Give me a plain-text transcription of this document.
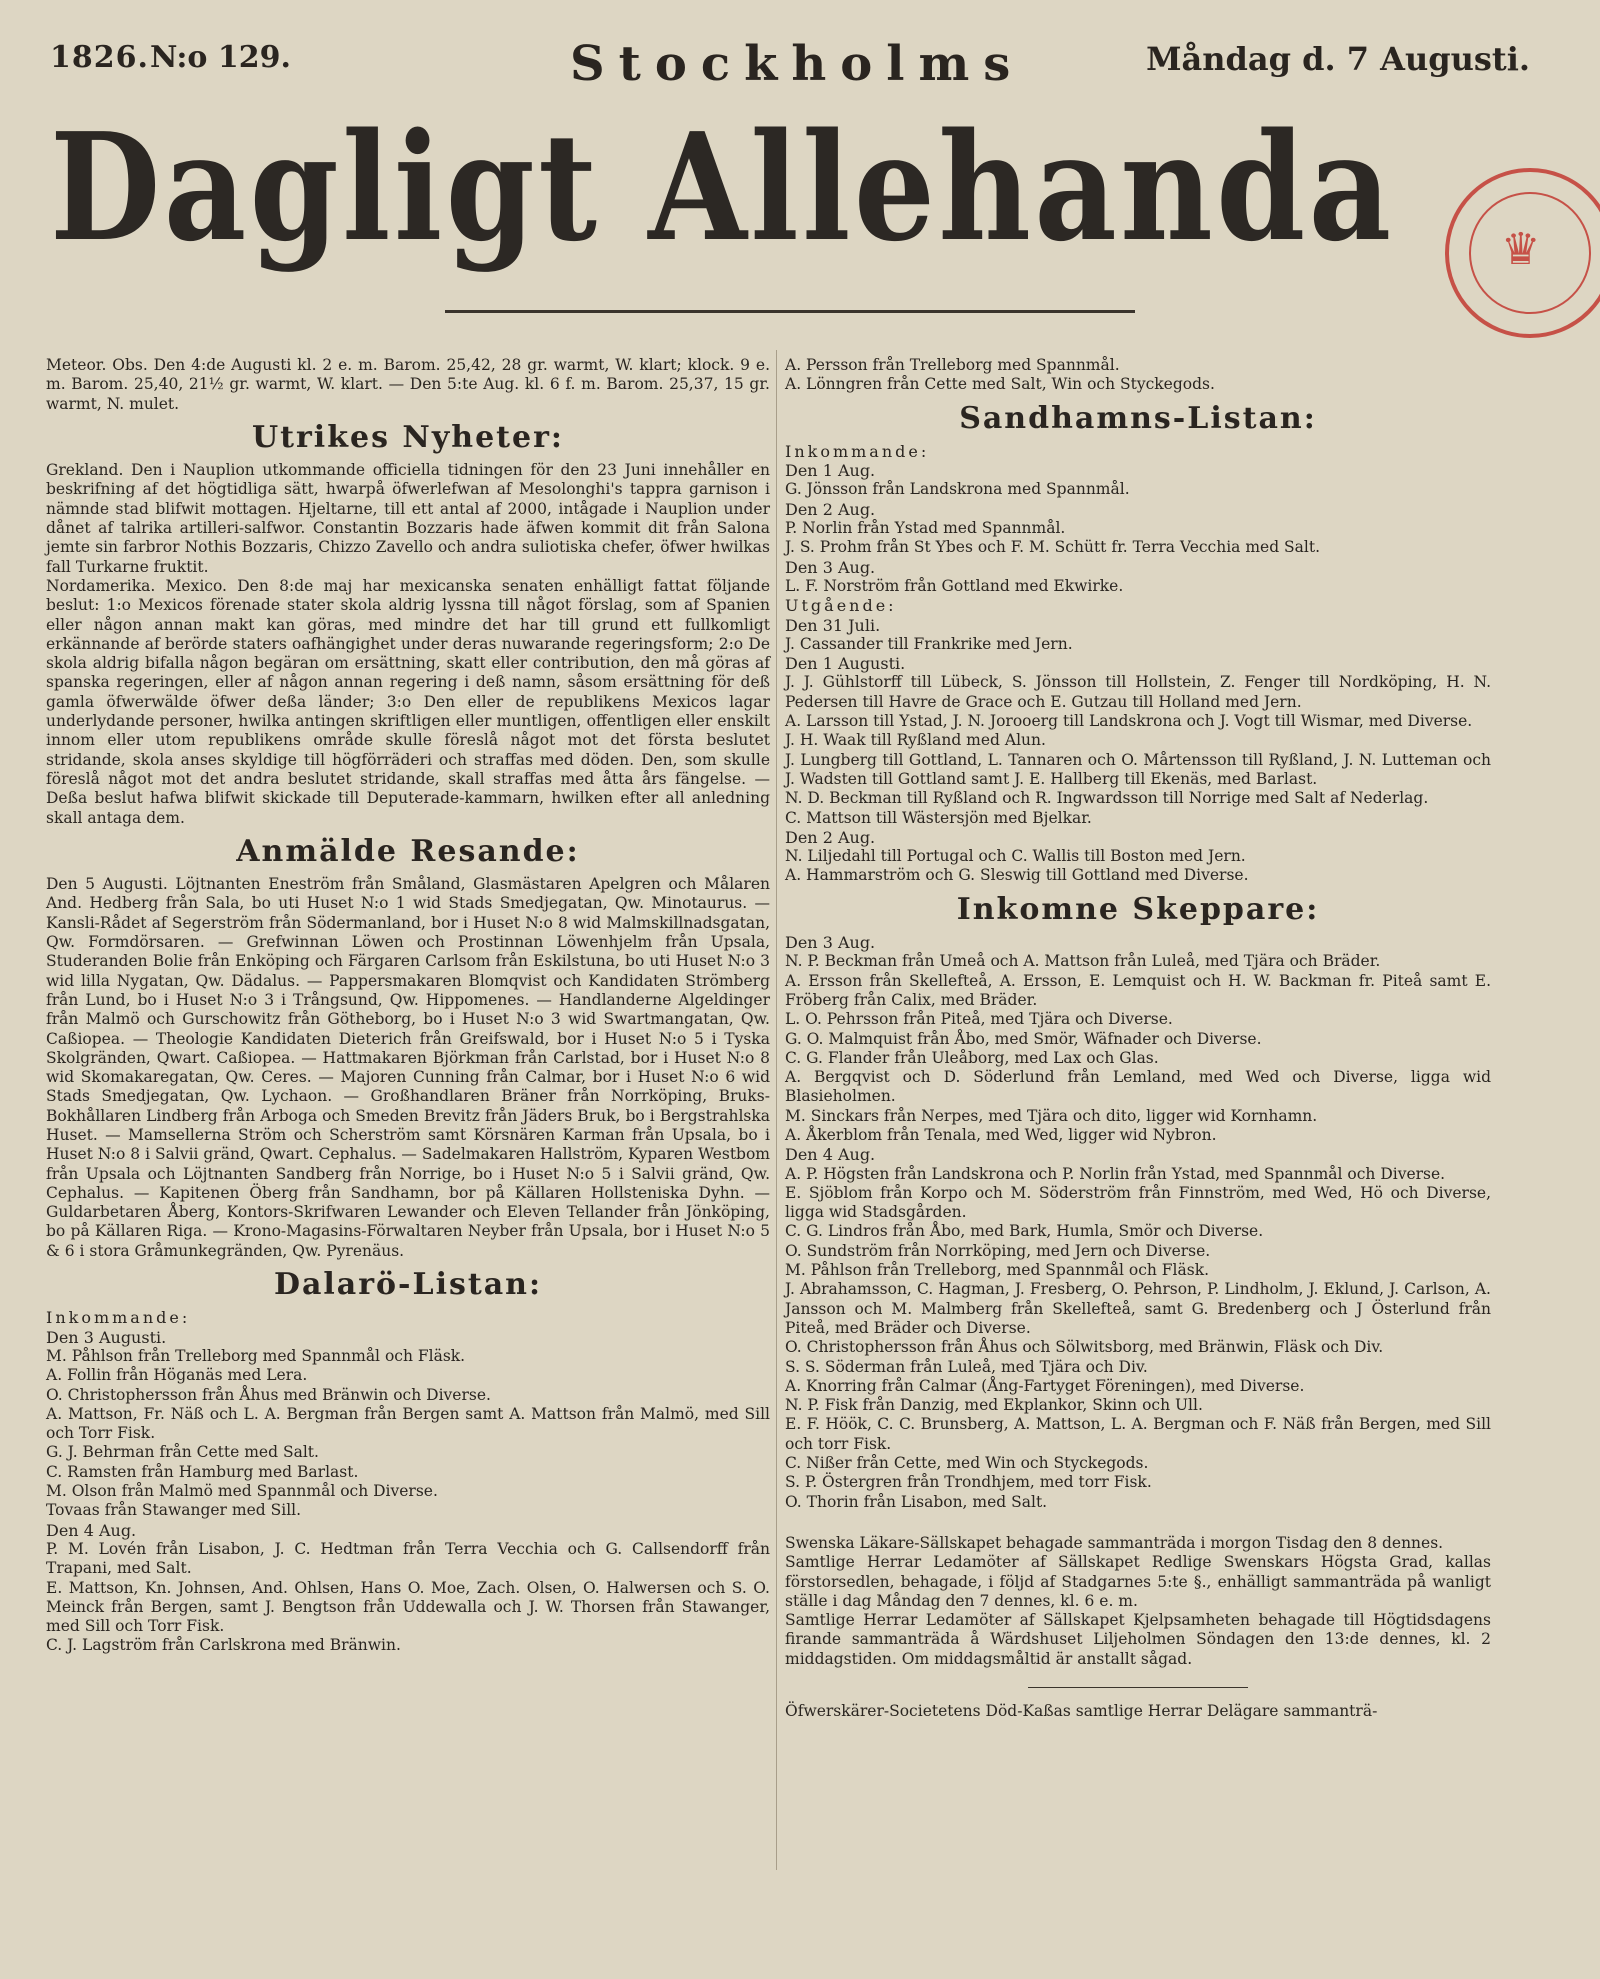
1826. N:o 129.	Stockholms	Måndag d. 7 Augusti.
Dagligt Allehanda ♛

Meteor. Obs. Den 4:de Augusti kl. 2 e. m. Barom. 25,42, 28 gr. warmt, W. klart; klock. 9 e. m. Barom. 25,40, 21½ gr. warmt, W. klart. — Den 5:te Aug. kl. 6 f. m. Barom. 25,37, 15 gr. warmt, N. mulet.

Utrikes Nyheter:

Grekland. Den i Nauplion utkommande officiella tidningen för den 23 Juni innehåller en beskrifning af det högtidliga sätt, hwarpå öfwerlefwan af Mesolonghi's tappra garnison i nämnde stad blifwit mottagen. Hjeltarne, till ett antal af 2000, intågade i Nauplion under dånet af talrika artilleri-salfwor. Constantin Bozzaris hade äfwen kommit dit från Salona jemte sin farbror Nothis Bozzaris, Chizzo Zavello och andra suliotiska chefer, öfwer hwilkas fall Turkarne fruktit.

Nordamerika. Mexico. Den 8:de maj har mexicanska senaten enhälligt fattat följande beslut: 1:o Mexicos förenade stater skola aldrig lyssna till något förslag, som af Spanien eller någon annan makt kan göras, med mindre det har till grund ett fullkomligt erkännande af berörde staters oafhängighet under deras nuwarande regeringsform; 2:o De skola aldrig bifalla någon begäran om ersättning, skatt eller contribution, den må göras af spanska regeringen, eller af någon annan regering i deß namn, såsom ersättning för deß gamla öfwerwälde öfwer deßa länder; 3:o Den eller de republikens Mexicos lagar underlydande personer, hwilka antingen skriftligen eller muntligen, offentligen eller enskilt innom eller utom republikens område skulle föreslå något mot det första beslutet stridande, skola anses skyldige till högförräderi och straffas med döden. Den, som skulle föreslå något mot det andra beslutet stridande, skall straffas med åtta års fängelse. — Deßa beslut hafwa blifwit skickade till Deputerade-kammarn, hwilken efter all anledning skall antaga dem.

Anmälde Resande:

Den 5 Augusti. Löjtnanten Eneström från Småland, Glasmästaren Apelgren och Målaren And. Hedberg från Sala, bo uti Huset N:o 1 wid Stads Smedjegatan, Qw. Minotaurus. — Kansli-Rådet af Segerström från Södermanland, bor i Huset N:o 8 wid Malmskillnadsgatan, Qw. Formdörsaren. — Grefwinnan Löwen och Prostinnan Löwenhjelm från Upsala, Studeranden Bolie från Enköping och Färgaren Carlsom från Eskilstuna, bo uti Huset N:o 3 wid lilla Nygatan, Qw. Dädalus. — Pappersmakaren Blomqvist och Kandidaten Strömberg från Lund, bo i Huset N:o 3 i Trångsund, Qw. Hippomenes. — Handlanderne Algeldinger från Malmö och Gurschowitz från Götheborg, bo i Huset N:o 3 wid Swartmangatan, Qw. Caßiopea. — Theologie Kandidaten Dieterich från Greifswald, bor i Huset N:o 5 i Tyska Skolgränden, Qwart. Caßiopea. — Hattmakaren Björkman från Carlstad, bor i Huset N:o 8 wid Skomakaregatan, Qw. Ceres. — Majoren Cunning från Calmar, bor i Huset N:o 6 wid Stads Smedjegatan, Qw. Lychaon. — Großhandlaren Bräner från Norrköping, Bruks-Bokhållaren Lindberg från Arboga och Smeden Brevitz från Jäders Bruk, bo i Bergstrahlska Huset. — Mamsellerna Ström och Scherström samt Körsnären Karman från Upsala, bo i Huset N:o 8 i Salvii gränd, Qwart. Cephalus. — Sadelmakaren Hallström, Kyparen Westbom från Upsala och Löjtnanten Sandberg från Norrige, bo i Huset N:o 5 i Salvii gränd, Qw. Cephalus. — Kapitenen Öberg från Sandhamn, bor på Källaren Hollsteniska Dyhn. — Guldarbetaren Åberg, Kontors-Skrifwaren Lewander och Eleven Tellander från Jönköping, bo på Källaren Riga. — Krono-Magasins-Förwaltaren Neyber från Upsala, bor i Huset N:o 5 & 6 i stora Gråmunkegränden, Qw. Pyrenäus.

Dalarö-Listan:

Inkommande:

Den 3 Augusti.

M. Påhlson från Trelleborg med Spannmål och Fläsk.

A. Follin från Höganäs med Lera.

O. Christophersson från Åhus med Bränwin och Diverse.

A. Mattson, Fr. Näß och L. A. Bergman från Bergen samt A. Mattson från Malmö, med Sill och Torr Fisk.

G. J. Behrman från Cette med Salt.

C. Ramsten från Hamburg med Barlast.

M. Olson från Malmö med Spannmål och Diverse.

Tovaas från Stawanger med Sill.

Den 4 Aug.

P. M. Lovén från Lisabon, J. C. Hedtman från Terra Vecchia och G. Callsendorff från Trapani, med Salt.

E. Mattson, Kn. Johnsen, And. Ohlsen, Hans O. Moe, Zach. Olsen, O. Halwersen och S. O. Meinck från Bergen, samt J. Bengtson från Uddewalla och J. W. Thorsen från Stawanger, med Sill och Torr Fisk.

C. J. Lagström från Carlskrona med Bränwin.

A. Persson från Trelleborg med Spannmål.

A. Lönngren från Cette med Salt, Win och Styckegods.

Sandhamns-Listan:

Inkommande:

Den 1 Aug.

G. Jönsson från Landskrona med Spannmål.

Den 2 Aug.

P. Norlin från Ystad med Spannmål.

J. S. Prohm från St Ybes och F. M. Schütt fr. Terra Vecchia med Salt.

Den 3 Aug.

L. F. Norström från Gottland med Ekwirke.

Utgående:

Den 31 Juli.

J. Cassander till Frankrike med Jern.

Den 1 Augusti.

J. J. Gühlstorff till Lübeck, S. Jönsson till Hollstein, Z. Fenger till Nordköping, H. N. Pedersen till Havre de Grace och E. Gutzau till Holland med Jern.

A. Larsson till Ystad, J. N. Jorooerg till Landskrona och J. Vogt till Wismar, med Diverse.

J. H. Waak till Ryßland med Alun.

J. Lungberg till Gottland, L. Tannaren och O. Mårtensson till Ryßland, J. N. Lutteman och J. Wadsten till Gottland samt J. E. Hallberg till Ekenäs, med Barlast.

N. D. Beckman till Ryßland och R. Ingwardsson till Norrige med Salt af Nederlag.

C. Mattson till Wästersjön med Bjelkar.

Den 2 Aug.

N. Liljedahl till Portugal och C. Wallis till Boston med Jern.

A. Hammarström och G. Sleswig till Gottland med Diverse.

Inkomne Skeppare:

Den 3 Aug.

N. P. Beckman från Umeå och A. Mattson från Luleå, med Tjära och Bräder.

A. Ersson från Skellefteå, A. Ersson, E. Lemquist och H. W. Backman fr. Piteå samt E. Fröberg från Calix, med Bräder.

L. O. Pehrsson från Piteå, med Tjära och Diverse.

G. O. Malmquist från Åbo, med Smör, Wäfnader och Diverse.

C. G. Flander från Uleåborg, med Lax och Glas.

A. Bergqvist och D. Söderlund från Lemland, med Wed och Diverse, ligga wid Blasieholmen.

M. Sinckars från Nerpes, med Tjära och dito, ligger wid Kornhamn.

A. Åkerblom från Tenala, med Wed, ligger wid Nybron.

Den 4 Aug.

A. P. Högsten från Landskrona och P. Norlin från Ystad, med Spannmål och Diverse.

E. Sjöblom från Korpo och M. Söderström från Finnström, med Wed, Hö och Diverse, ligga wid Stadsgården.

C. G. Lindros från Åbo, med Bark, Humla, Smör och Diverse.

O. Sundström från Norrköping, med Jern och Diverse.

M. Påhlson från Trelleborg, med Spannmål och Fläsk.

J. Abrahamsson, C. Hagman, J. Fresberg, O. Pehrson, P. Lindholm, J. Eklund, J. Carlson, A. Jansson och M. Malmberg från Skellefteå, samt G. Bredenberg och J Österlund från Piteå, med Bräder och Diverse.

O. Christophersson från Åhus och Sölwitsborg, med Bränwin, Fläsk och Div.

S. S. Söderman från Luleå, med Tjära och Div.

A. Knorring från Calmar (Ång-Fartyget Föreningen), med Diverse.

N. P. Fisk från Danzig, med Ekplankor, Skinn och Ull.

E. F. Höök, C. C. Brunsberg, A. Mattson, L. A. Bergman och F. Näß från Bergen, med Sill och torr Fisk.

C. Nißer från Cette, med Win och Styckegods.

S. P. Östergren från Trondhjem, med torr Fisk.

O. Thorin från Lisabon, med Salt.

Swenska Läkare-Sällskapet behagade sammanträda i morgon Tisdag den 8 dennes.

Samtlige Herrar Ledamöter af Sällskapet Redlige Swenskars Högsta Grad, kallas förstorsedlen, behagade, i följd af Stadgarnes 5:te §., enhälligt sammanträda på wanligt ställe i dag Måndag den 7 dennes, kl. 6 e. m.

Samtlige Herrar Ledamöter af Sällskapet Kjelpsamheten behagade till Högtidsdagens firande sammanträda å Wärdshuset Liljeholmen Söndagen den 13:de dennes, kl. 2 middagstiden. Om middagsmåltid är anstallt sågad.

Öfwerskärer-Societetens Död-Kaßas samtlige Herrar Delägare sammanträ-
